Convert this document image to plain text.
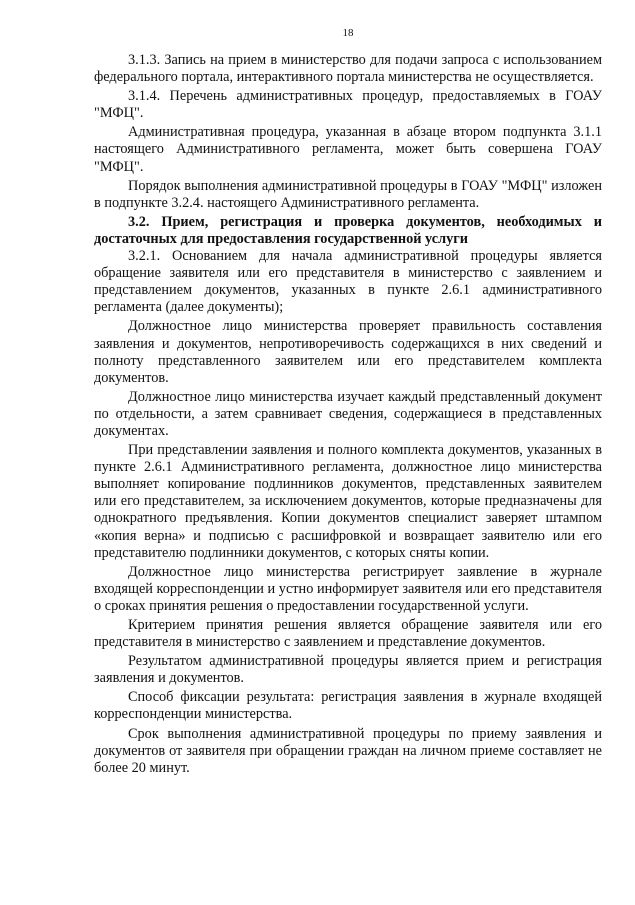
18

3.1.3. Запись на прием в министерство для подачи запроса с использованием федерального портала, интерактивного портала министерства не осуществляется.

3.1.4. Перечень административных процедур, предоставляемых в ГОАУ "МФЦ".

Административная процедура, указанная в абзаце втором подпункта 3.1.1 настоящего Административного регламента, может быть совершена ГОАУ "МФЦ".

Порядок выполнения административной процедуры в ГОАУ "МФЦ" изложен в подпункте 3.2.4. настоящего Административного регламента.

3.2. Прием, регистрация и проверка документов, необходимых и достаточных для предоставления государственной услуги

3.2.1. Основанием для начала административной процедуры является обращение заявителя или его представителя в министерство с заявлением и представлением документов, указанных в пункте 2.6.1 административного регламента (далее документы);

Должностное лицо министерства проверяет правильность составления заявления и документов, непротиворечивость содержащихся в них сведений и полноту представленного заявителем или его представителем комплекта документов.

Должностное лицо министерства изучает каждый представленный документ по отдельности, а затем сравнивает сведения, содержащиеся в представленных документах.

При представлении заявления и полного комплекта документов, указанных в пункте 2.6.1 Административного регламента, должностное лицо министерства выполняет копирование подлинников документов, представленных заявителем или его представителем, за исключением документов, которые предназначены для однократного предъявления. Копии документов специалист заверяет штампом «копия верна» и подписью с расшифровкой и возвращает заявителю или его представителю подлинники документов, с которых сняты копии.

Должностное лицо министерства регистрирует заявление в журнале входящей корреспонденции и устно информирует заявителя или его представителя о сроках принятия решения о предоставлении государственной услуги.

Критерием принятия решения является обращение заявителя или его представителя в министерство с заявлением и представление документов.

Результатом административной процедуры является прием и регистрация заявления и документов.

Способ фиксации результата: регистрация заявления в журнале входящей корреспонденции министерства.

Срок выполнения административной процедуры по приему заявления и документов от заявителя при обращении граждан на личном приеме составляет не более 20 минут.
